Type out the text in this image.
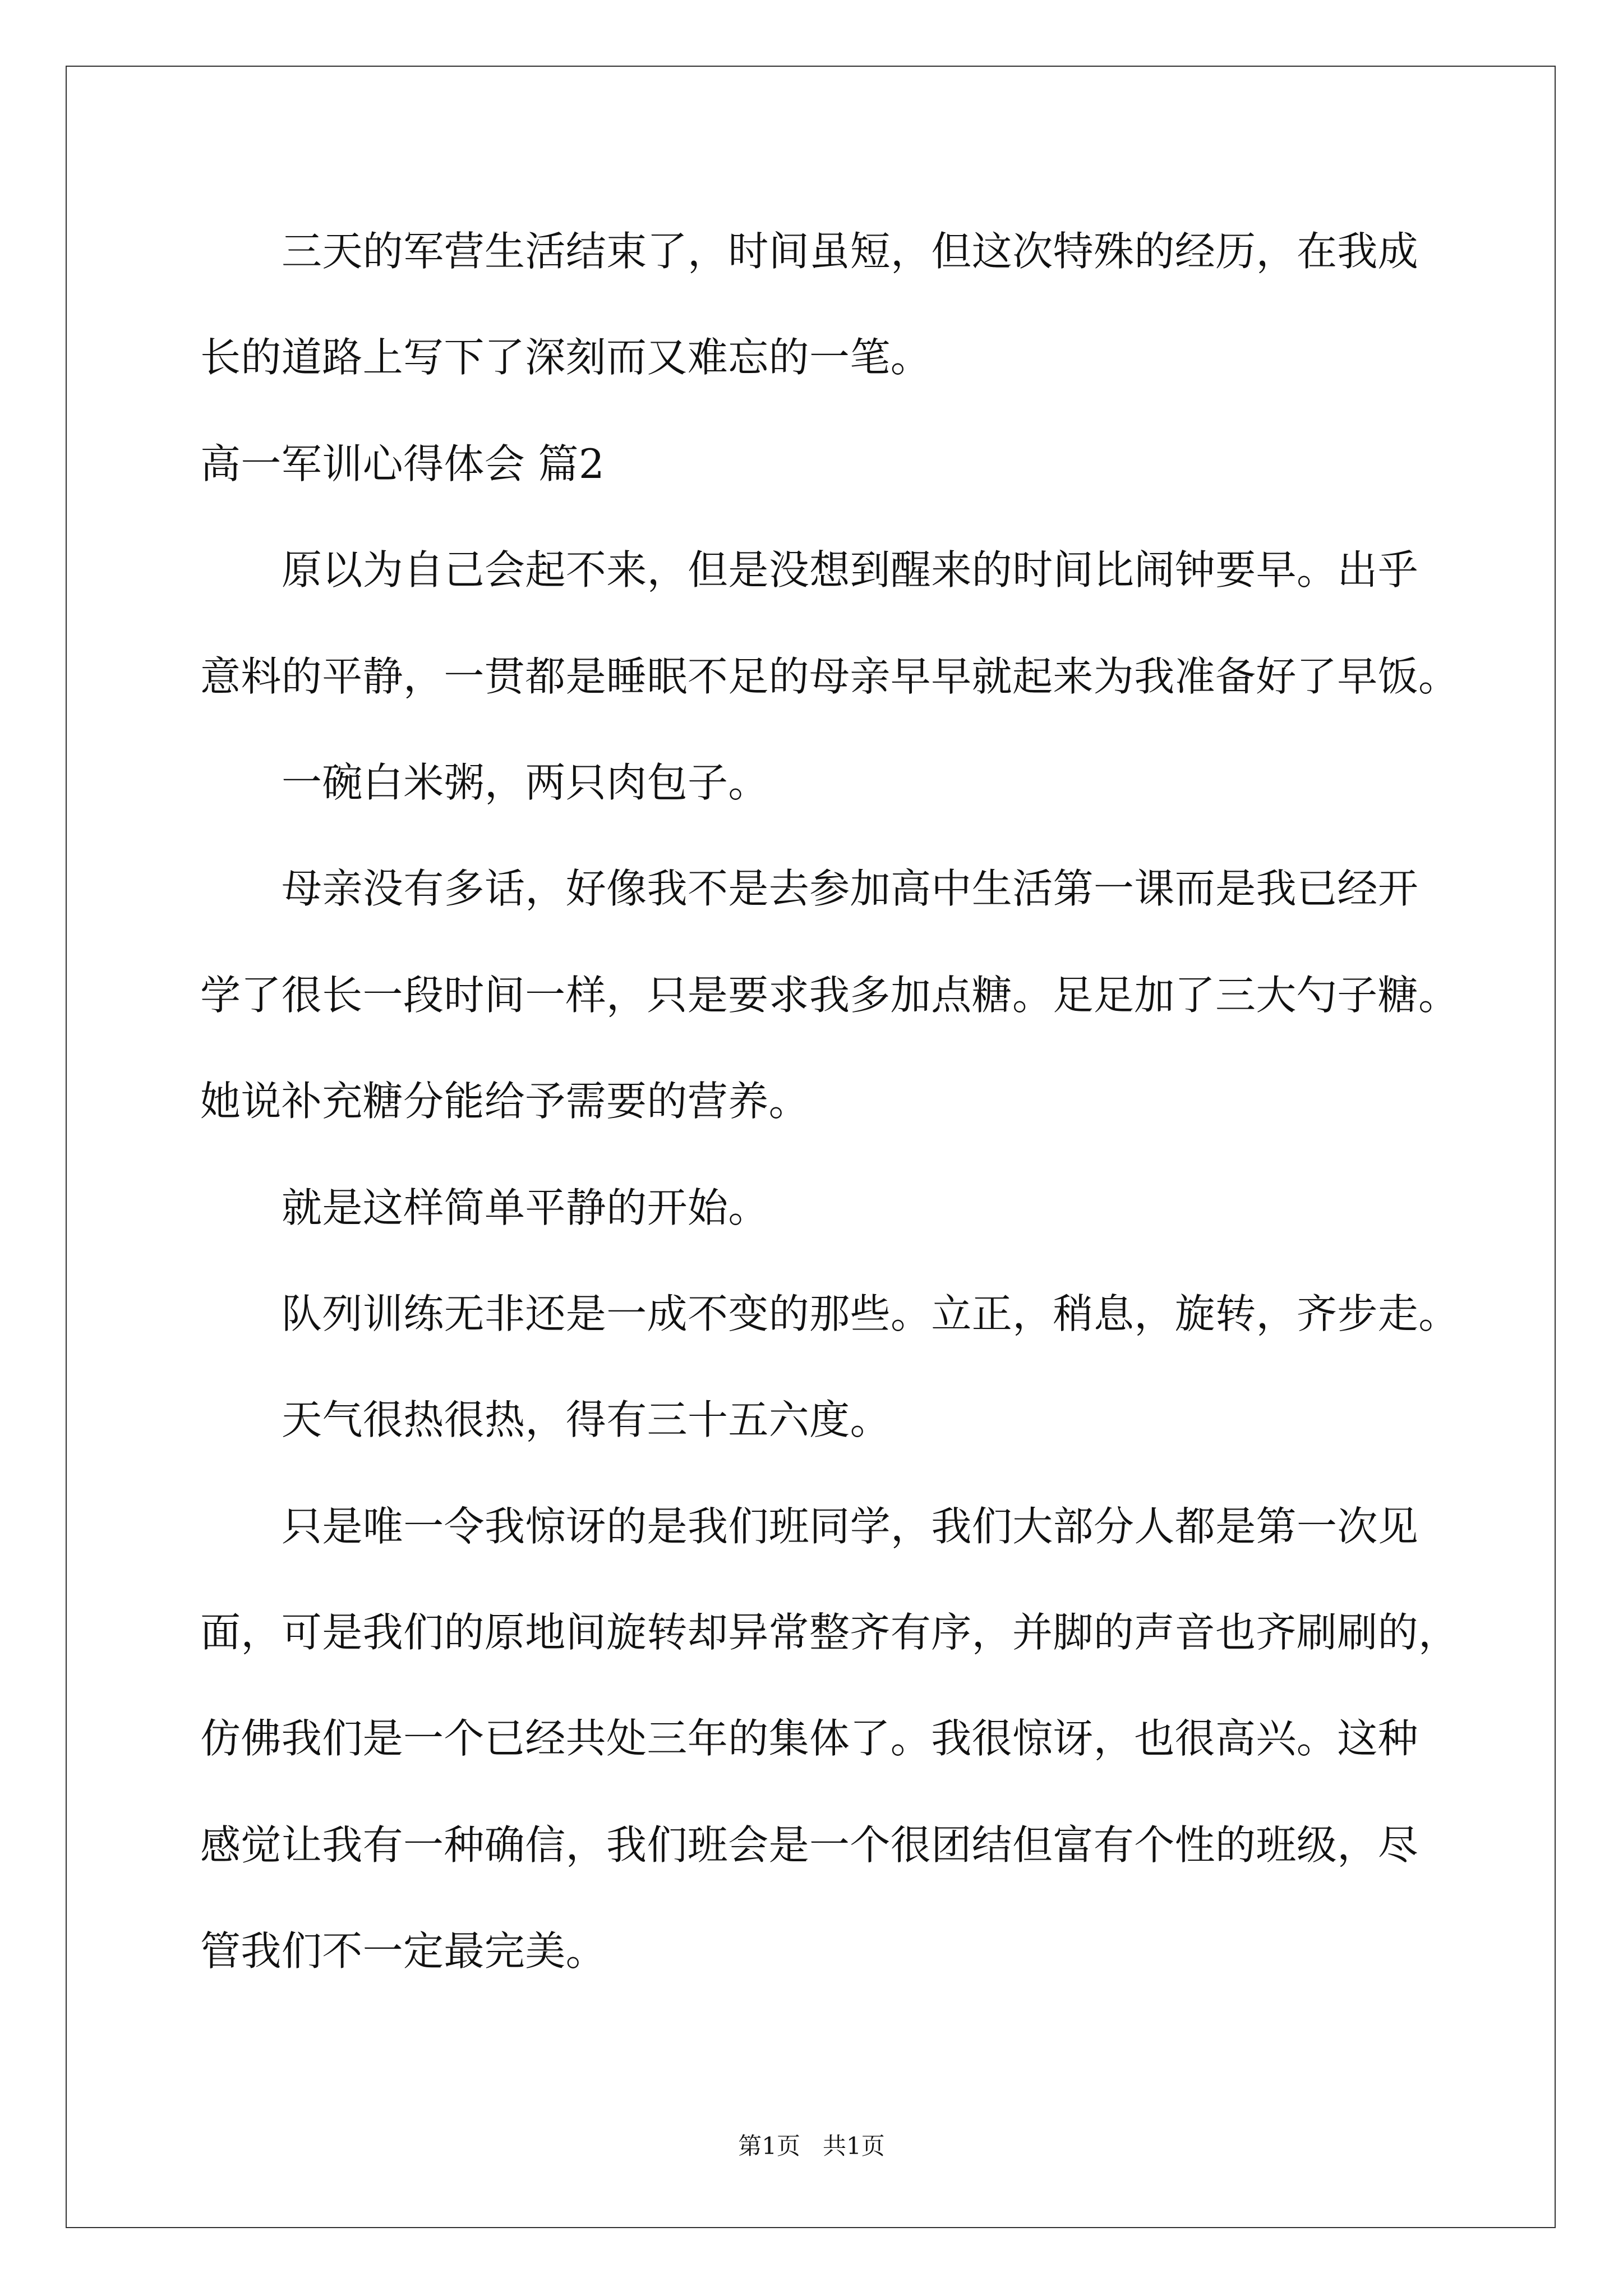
三天的军营生活结束了，时间虽短，但这次特殊的经历，在我成
长的道路上写下了深刻而又难忘的一笔。
高一军训心得体会 篇2
原以为自己会起不来，但是没想到醒来的时间比闹钟要早。出乎
意料的平静，一贯都是睡眠不足的母亲早早就起来为我准备好了早饭。
一碗白米粥，两只肉包子。
母亲没有多话，好像我不是去参加高中生活第一课而是我已经开
学了很长一段时间一样，只是要求我多加点糖。足足加了三大勺子糖。
她说补充糖分能给予需要的营养。
就是这样简单平静的开始。
队列训练无非还是一成不变的那些。立正，稍息，旋转，齐步走。
天气很热很热，得有三十五六度。
只是唯一令我惊讶的是我们班同学，我们大部分人都是第一次见
面，可是我们的原地间旋转却异常整齐有序，并脚的声音也齐刷刷的，
仿佛我们是一个已经共处三年的集体了。我很惊讶，也很高兴。这种
感觉让我有一种确信，我们班会是一个很团结但富有个性的班级，尽
管我们不一定最完美。
第1页   共1页
